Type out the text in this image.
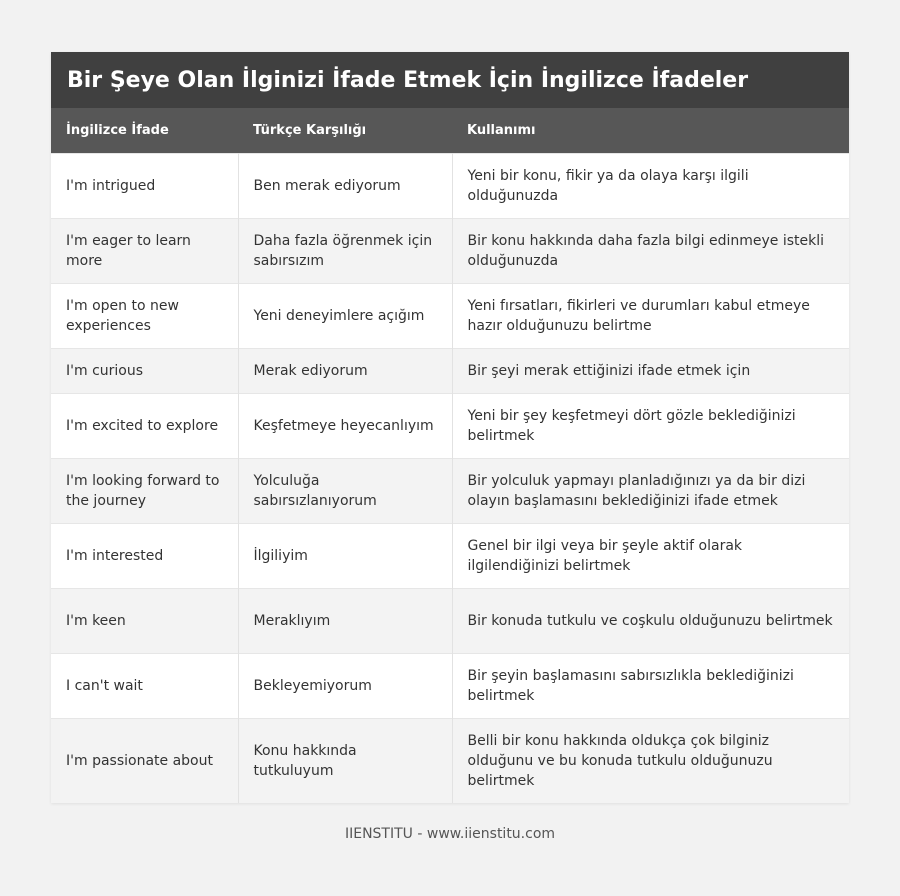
Bir Şeye Olan İlginizi İfade Etmek İçin İngilizce İfadeler
İngilizce İfade	Türkçe Karşılığı	Kullanımı
I'm intrigued	Ben merak ediyorum	Yeni bir konu, fikir ya da olaya karşı ilgili olduğunuzda
I'm eager to learn more	Daha fazla öğrenmek için sabırsızım	Bir konu hakkında daha fazla bilgi edinmeye istekli olduğunuzda
I'm open to new experiences	Yeni deneyimlere açığım	Yeni fırsatları, fikirleri ve durumları kabul etmeye hazır olduğunuzu belirtme
I'm curious	Merak ediyorum	Bir şeyi merak ettiğinizi ifade etmek için
I'm excited to explore	Keşfetmeye heyecanlıyım	Yeni bir şey keşfetmeyi dört gözle beklediğinizi belirtmek
I'm looking forward to the journey	Yolculuğa sabırsızlanıyorum	Bir yolculuk yapmayı planladığınızı ya da bir dizi olayın başlamasını beklediğinizi ifade etmek
I'm interested	İlgiliyim	Genel bir ilgi veya bir şeyle aktif olarak ilgilendiğinizi belirtmek
I'm keen	Meraklıyım	Bir konuda tutkulu ve coşkulu olduğunuzu belirtmek
I can't wait	Bekleyemiyorum	Bir şeyin başlamasını sabırsızlıkla beklediğinizi belirtmek
I'm passionate about	Konu hakkında tutkuluyum	Belli bir konu hakkında oldukça çok bilginiz olduğunu ve bu konuda tutkulu olduğunuzu belirtmek
IIENSTITU - www.iienstitu.com
